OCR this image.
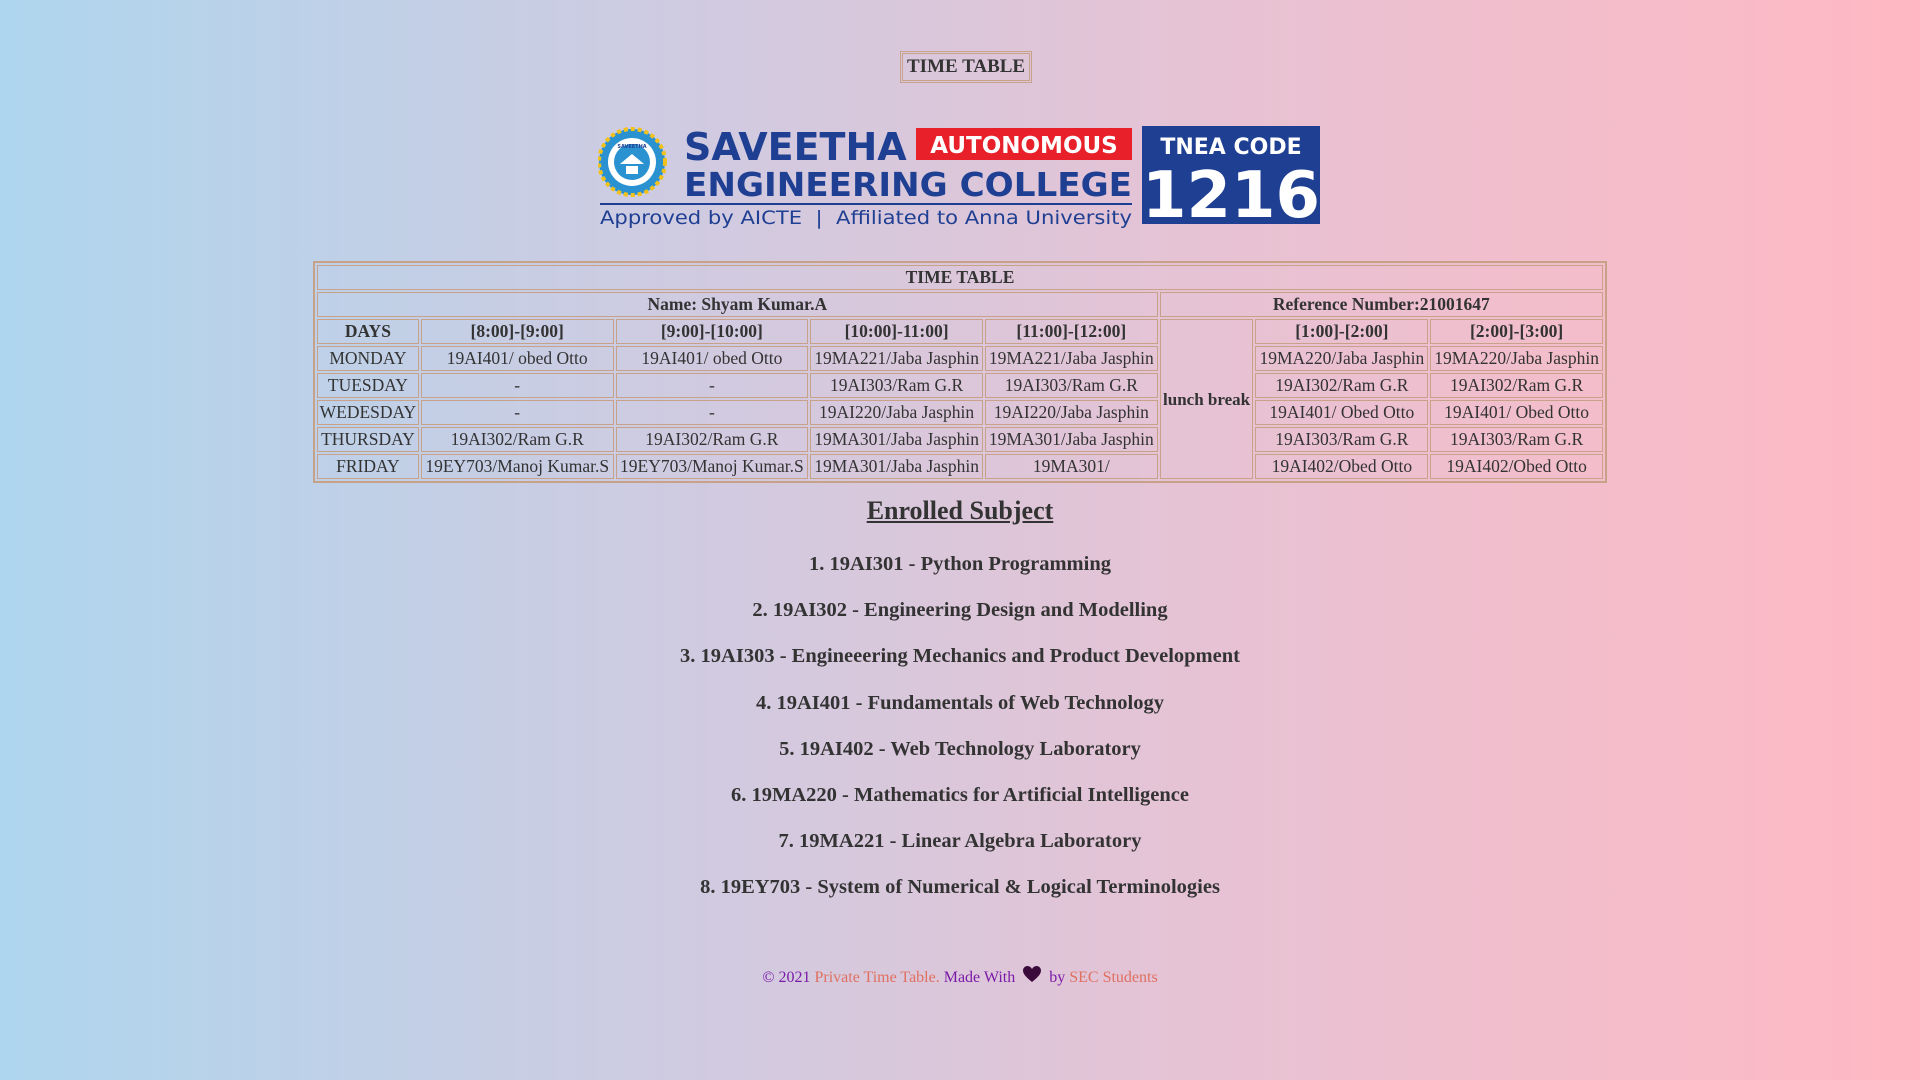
TIME TABLE
SAVEETHA SAVEETHA AUTONOMOUS
ENGINEERING COLLEGE
Approved by AICTE  |  Affiliated to Anna University
TNEA CODE
1216
TIME TABLE							
Name: Shyam Kumar.A					Reference Number:21001647		
DAYS	[8:00]-[9:00]	[9:00]-[10:00]	[10:00]-11:00]	[11:00]-[12:00]	lunch break	[1:00]-[2:00]	[2:00]-[3:00]
MONDAY	19AI401/ obed Otto	19AI401/ obed Otto	19MA221/Jaba Jasphin	19MA221/Jaba Jasphin		19MA220/Jaba Jasphin	19MA220/Jaba Jasphin
TUESDAY	-	-	19AI303/Ram G.R	19AI303/Ram G.R		19AI302/Ram G.R	19AI302/Ram G.R
WEDESDAY	-	-	19AI220/Jaba Jasphin	19AI220/Jaba Jasphin		19AI401/ Obed Otto	19AI401/ Obed Otto
THURSDAY	19AI302/Ram G.R	19AI302/Ram G.R	19MA301/Jaba Jasphin	19MA301/Jaba Jasphin		19AI303/Ram G.R	19AI303/Ram G.R
FRIDAY	19EY703/Manoj Kumar.S	19EY703/Manoj Kumar.S	19MA301/Jaba Jasphin	19MA301/		19AI402/Obed Otto	19AI402/Obed Otto
Enrolled Subject
1. 19AI301 - Python Programming
2. 19AI302 - Engineering Design and Modelling
3. 19AI303 - Engineeering Mechanics and Product Development
4. 19AI401 - Fundamentals of Web Technology
5. 19AI402 - Web Technology Laboratory
6. 19MA220 - Mathematics for Artificial Intelligence
7. 19MA221 - Linear Algebra Laboratory
8. 19EY703 - System of Numerical & Logical Terminologies
© 2021 Private Time Table. Made With by SEC Students
